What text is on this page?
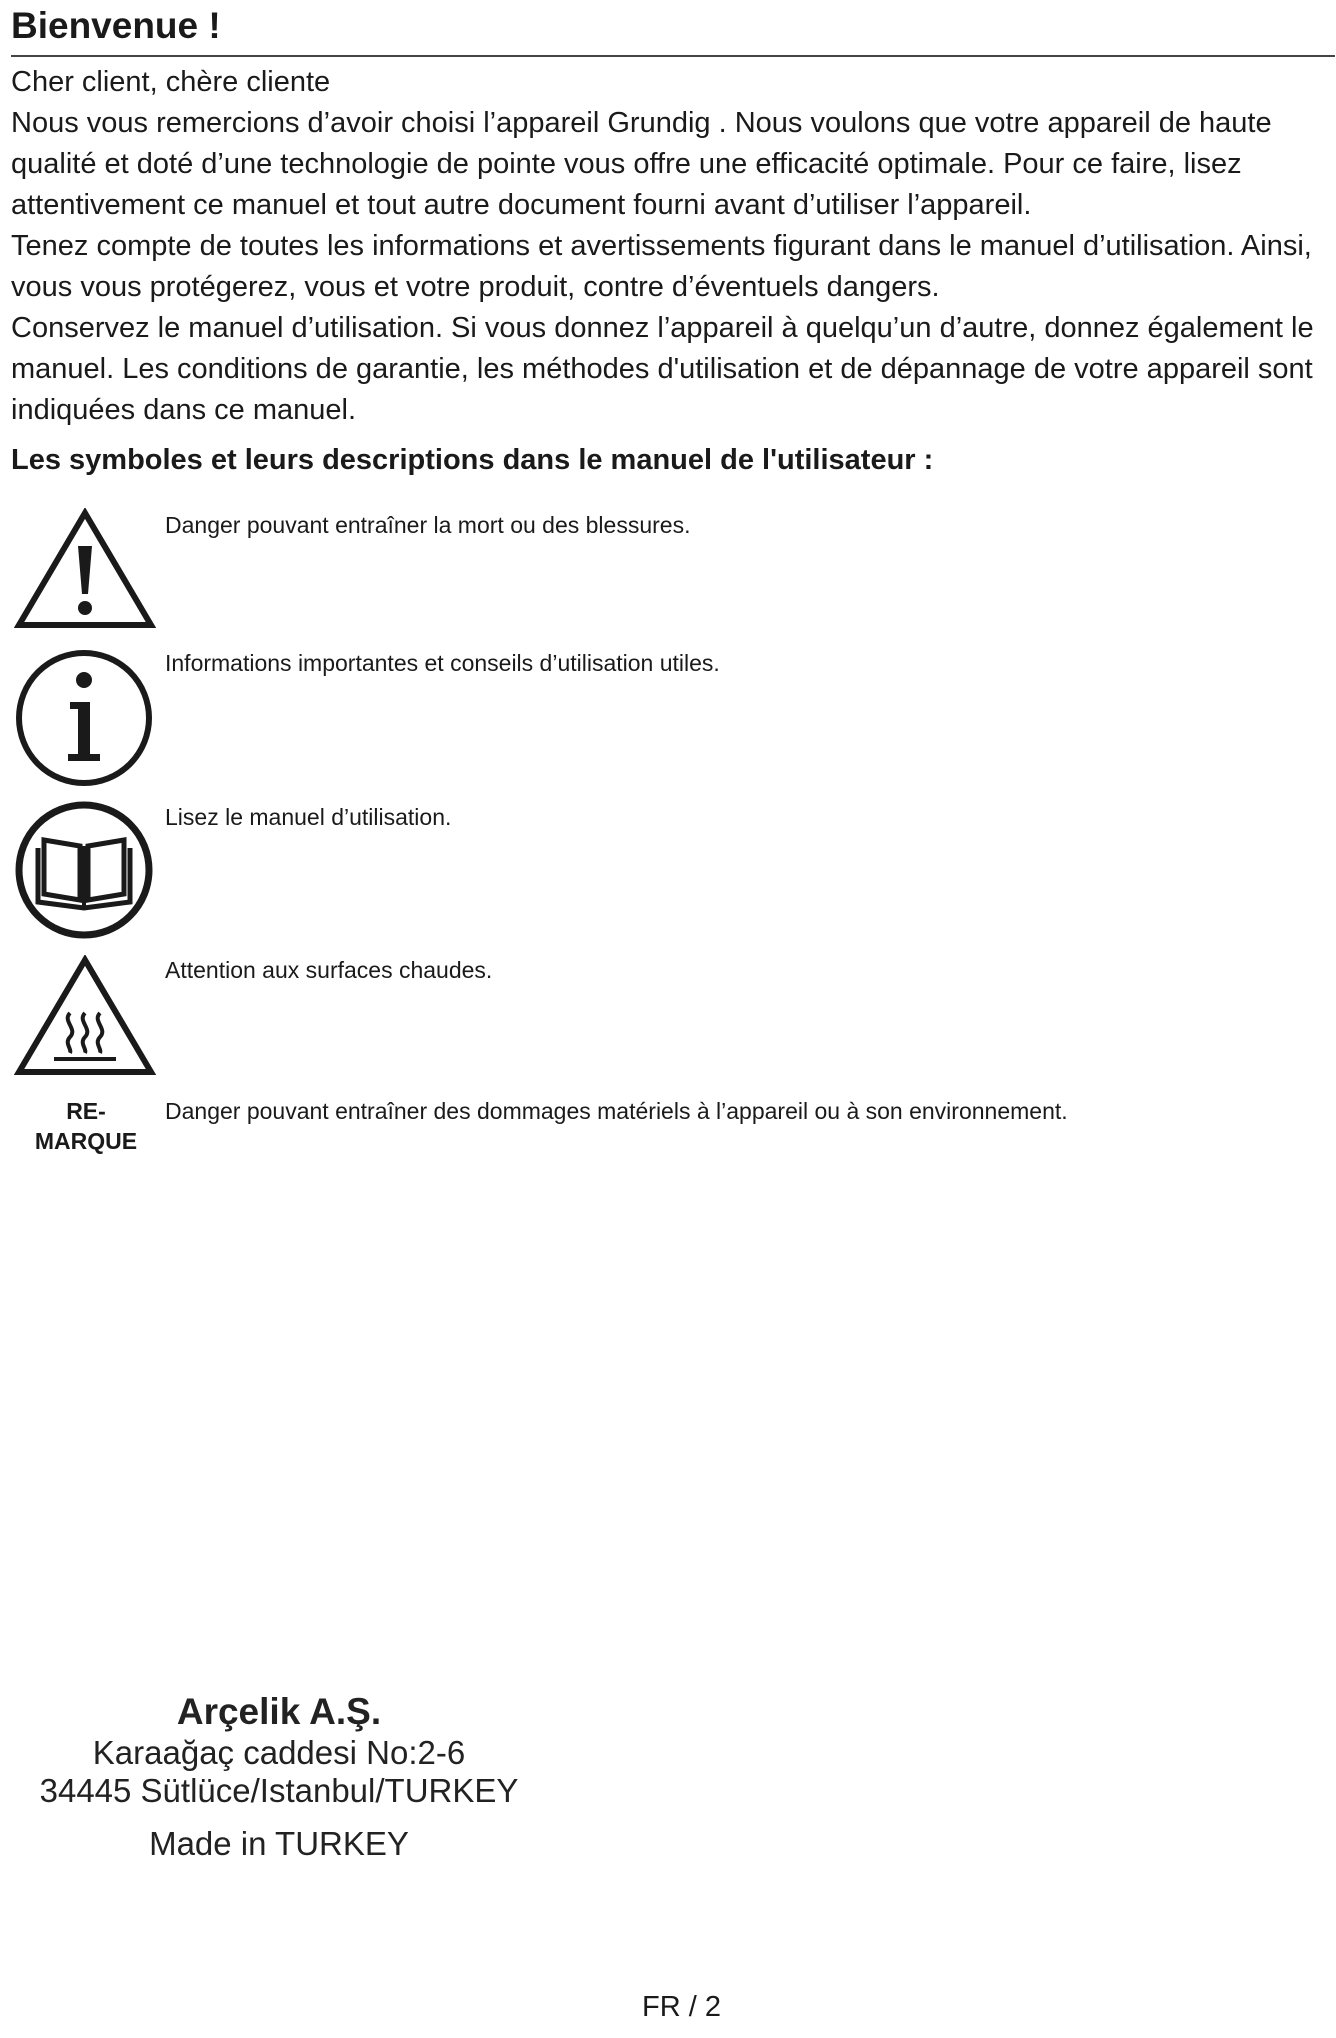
Bienvenue !

Cher client, chère cliente

Nous vous remercions d’avoir choisi l’appareil Grundig . Nous voulons que votre appareil de haute qualité et doté d’une technologie de pointe vous offre une efficacité optimale. Pour ce faire, lisez attentivement ce manuel et tout autre document fourni avant d’utiliser l’appareil.

Tenez compte de toutes les informations et avertissements figurant dans le manuel d’utilisation. Ainsi, vous vous protégerez, vous et votre produit, contre d’éventuels dangers.

Conservez le manuel d’utilisation. Si vous donnez l’appareil à quelqu’un d’autre, donnez également le manuel. Les conditions de garantie, les méthodes d'utilisation et de dépannage de votre appareil sont indiquées dans ce manuel.

Les symboles et leurs descriptions dans le manuel de l'utilisateur :
Danger pouvant entraîner la mort ou des blessures.
Informations importantes et conseils d’utilisation utiles.
Lisez le manuel d’utilisation.
Attention aux surfaces chaudes.
RE-
MARQUE
Danger pouvant entraîner des dommages matériels à l’appareil ou à son environnement.
Arçelik A.Ş.
Karaağaç caddesi No:2-6
34445 Sütlüce/Istanbul/TURKEY
Made in TURKEY
FR / 2
